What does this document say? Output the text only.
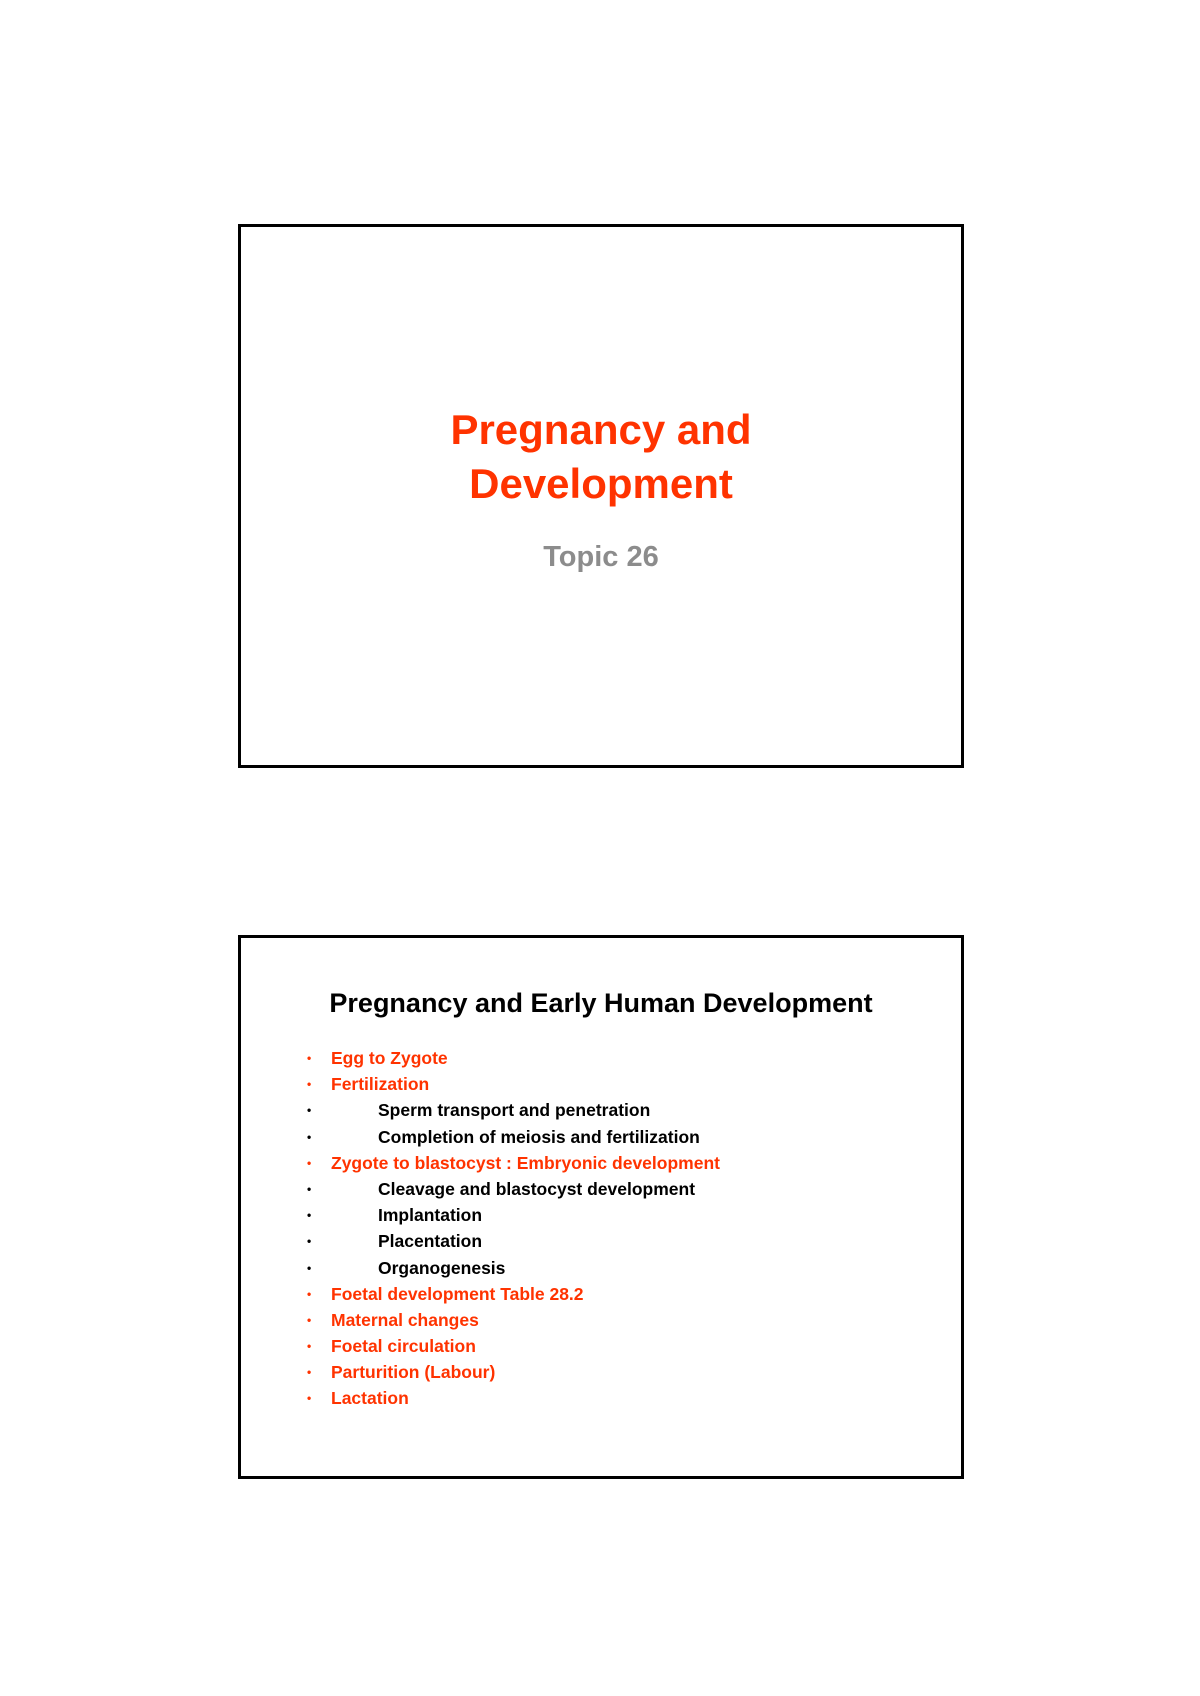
Pregnancy and
Development
Topic 26
Pregnancy and Early Human Development
• Egg to Zygote
• Fertilization
•	Sperm transport and penetration
•	Completion of meiosis and fertilization
• Zygote to blastocyst : Embryonic development
•	Cleavage and blastocyst development
•	Implantation
•	Placentation
•	Organogenesis
• Foetal development Table 28.2
• Maternal changes
• Foetal circulation
• Parturition (Labour)
• Lactation
